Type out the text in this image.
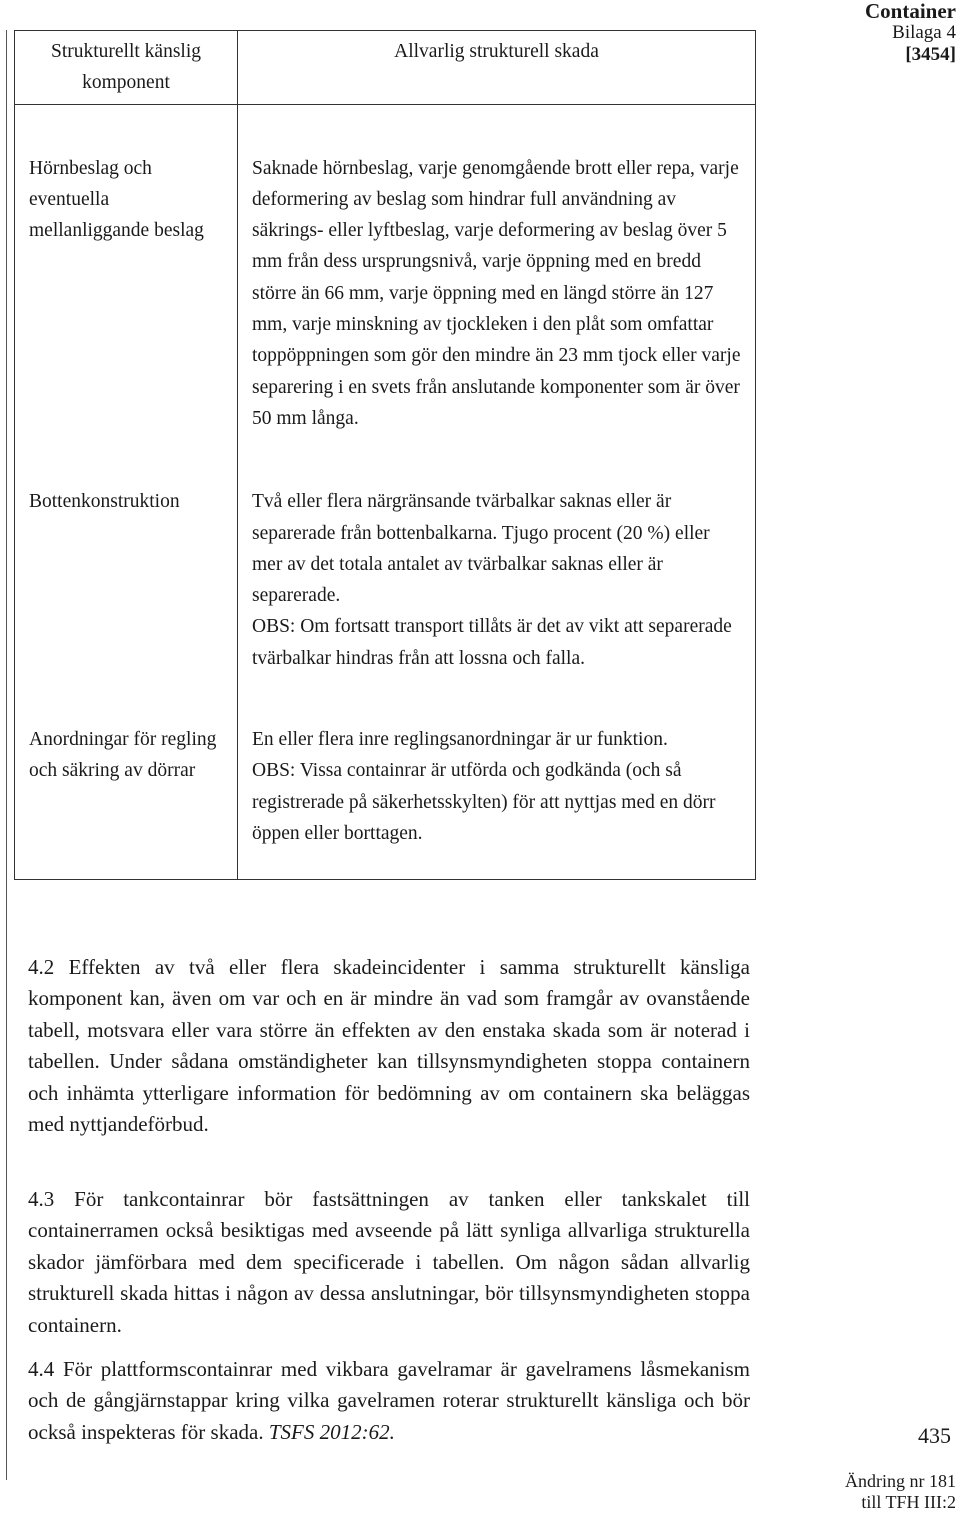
Container
Bilaga 4
[3454]
Strukturellt känslig komponent	Allvarlig strukturell skada

Hörnbeslag och eventuella mellanliggande beslag	Saknade hörnbeslag, varje genomgående brott eller repa, varje deformering av beslag som hindrar full användning av säkrings- eller lyftbeslag, varje deformering av beslag över 5 mm från dess ursprungsnivå, varje öppning med en bredd större än 66 mm, varje öppning med en längd större än 127 mm, varje minskning av tjockleken i den plåt som omfattar toppöppningen som gör den mindre än 23 mm tjock eller varje separering i en svets från anslutande komponenter som är över 50 mm långa.

Bottenkonstruktion	Två eller flera närgränsande tvärbalkar saknas eller är separerade från bottenbalkarna. Tjugo procent (20 %) eller mer av det totala antalet av tvärbalkar saknas eller är separerade.
OBS: Om fortsatt transport tillåts är det av vikt att separerade tvärbalkar hindras från att lossna och falla.

Anordningar för regling och säkring av dörrar	En eller flera inre reglingsanordningar är ur funktion.
OBS: Vissa containrar är utförda och godkända (och så registrerade på säkerhetsskylten) för att nyttjas med en dörr öppen eller borttagen.
4.2 Effekten av två eller flera skadeincidenter i samma strukturellt känsliga komponent kan, även om var och en är mindre än vad som framgår av ovanstående tabell, motsvara eller vara större än effekten av den enstaka skada som är noterad i tabellen. Under sådana omständigheter kan tillsynsmyndigheten stoppa containern och inhämta ytterligare information för bedömning av om containern ska beläggas med nyttjandeförbud.
4.3 För tankcontainrar bör fastsättningen av tanken eller tankskalet till containerramen också besiktigas med avseende på lätt synliga allvarliga strukturella skador jämförbara med dem specificerade i tabellen. Om någon sådan allvarlig strukturell skada hittas i någon av dessa anslutningar, bör tillsynsmyndigheten stoppa containern.
4.4 För plattformscontainrar med vikbara gavelramar är gavelramens låsmekanism och de gångjärnstappar kring vilka gavelramen roterar strukturellt känsliga och bör också inspekteras för skada. TSFS 2012:62.	435
Ändring nr 181
till TFH III:2
